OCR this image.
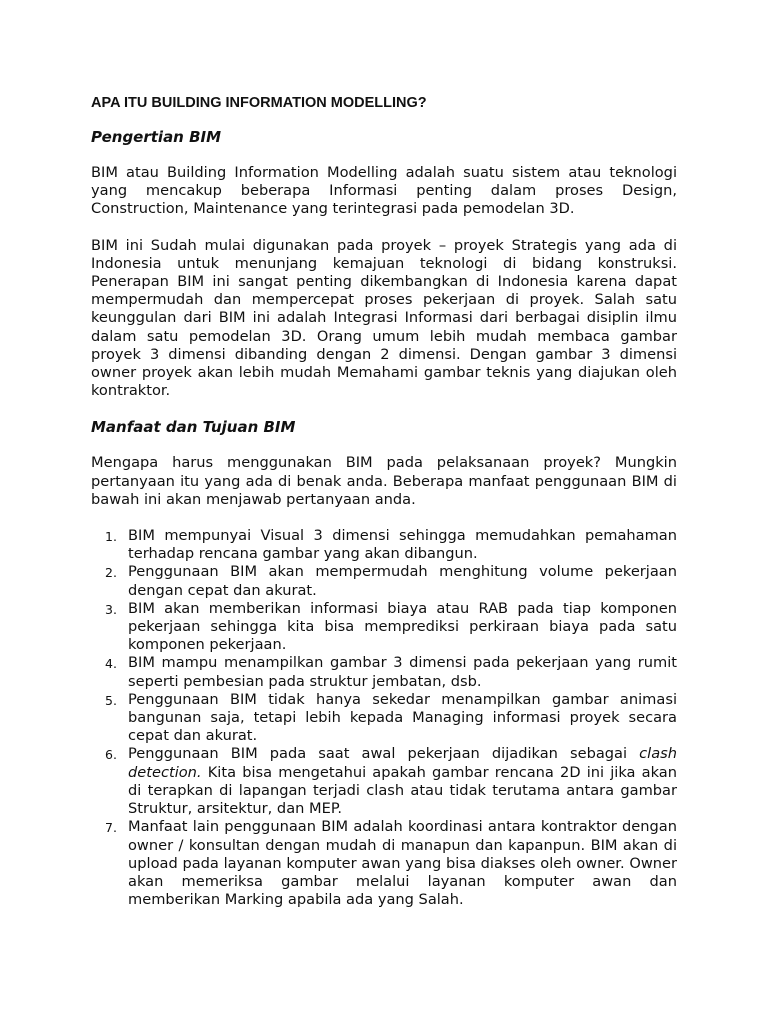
APA ITU BUILDING INFORMATION MODELLING?
Pengertian BIM

BIM atau Building Information Modelling adalah suatu sistem atau teknologi yang mencakup beberapa Informasi penting dalam proses Design, Construction, Maintenance yang terintegrasi pada pemodelan 3D.

BIM ini Sudah mulai digunakan pada proyek – proyek Strategis yang ada di Indonesia untuk menunjang kemajuan teknologi di bidang konstruksi. Penerapan BIM ini sangat penting dikembangkan di Indonesia karena dapat mempermudah dan mempercepat proses pekerjaan di proyek. Salah satu keunggulan dari BIM ini adalah Integrasi Informasi dari berbagai disiplin ilmu dalam satu pemodelan 3D. Orang umum lebih mudah membaca gambar proyek 3 dimensi dibanding dengan 2 dimensi. Dengan gambar 3 dimensi owner proyek akan lebih mudah Memahami gambar teknis yang diajukan oleh kontraktor.

Manfaat dan Tujuan BIM

Mengapa harus menggunakan BIM pada pelaksanaan proyek? Mungkin pertanyaan itu yang ada di benak anda. Beberapa manfaat penggunaan BIM di bawah ini akan menjawab pertanyaan anda.

1. BIM mempunyai Visual 3 dimensi sehingga memudahkan pemahaman terhadap rencana gambar yang akan dibangun.
2. Penggunaan BIM akan mempermudah menghitung volume pekerjaan dengan cepat dan akurat.
3. BIM akan memberikan informasi biaya atau RAB pada tiap komponen pekerjaan sehingga kita bisa memprediksi perkiraan biaya pada satu komponen pekerjaan.
4. BIM mampu menampilkan gambar 3 dimensi pada pekerjaan yang rumit seperti pembesian pada struktur jembatan, dsb.
5. Penggunaan BIM tidak hanya sekedar menampilkan gambar animasi bangunan saja, tetapi lebih kepada Managing informasi proyek secara cepat dan akurat.
6. Penggunaan BIM pada saat awal pekerjaan dijadikan sebagai clash detection. Kita bisa mengetahui apakah gambar rencana 2D ini jika akan di terapkan di lapangan terjadi clash atau tidak terutama antara gambar Struktur, arsitektur, dan MEP.
7. Manfaat lain penggunaan BIM adalah koordinasi antara kontraktor dengan owner / konsultan dengan mudah di manapun dan kapanpun. BIM akan di upload pada layanan komputer awan yang bisa diakses oleh owner. Owner akan memeriksa gambar melalui layanan komputer awan dan memberikan Marking apabila ada yang Salah.
